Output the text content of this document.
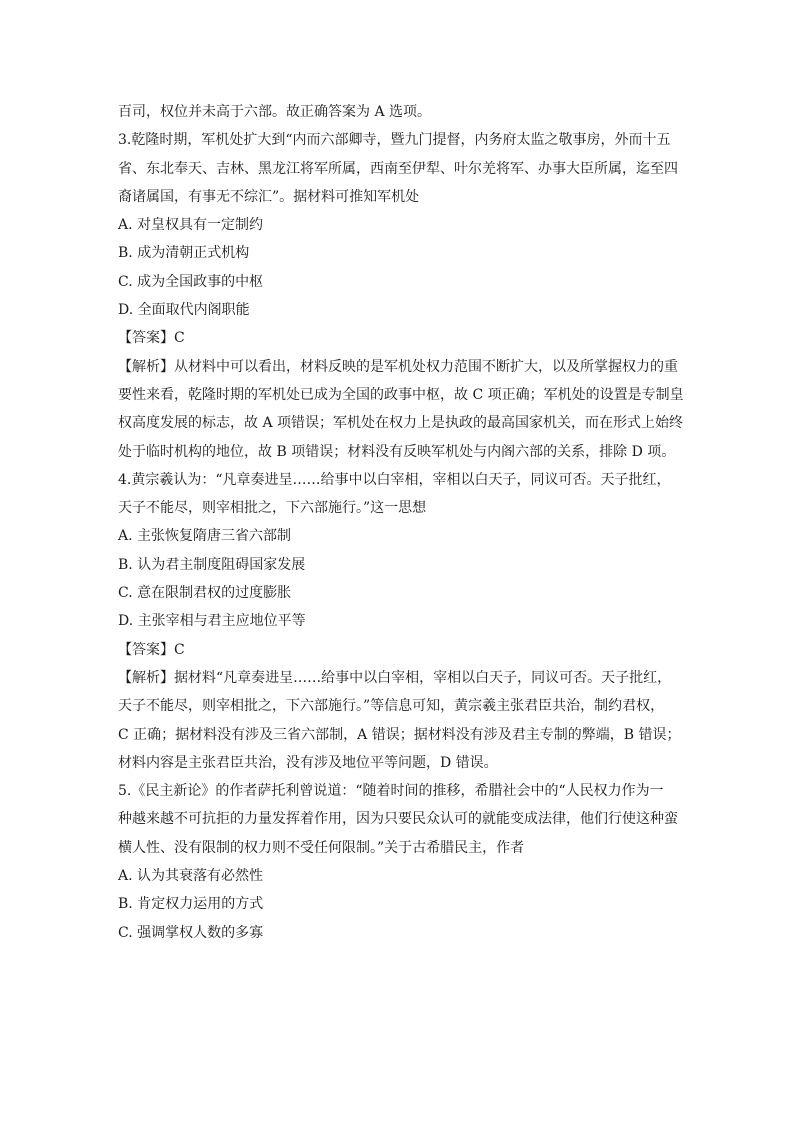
百司，权位并未高于六部。故正确答案为 A 选项。
3.乾隆时期，军机处扩大到“内而六部卿寺，暨九门提督，内务府太监之敬事房，外而十五
省、东北奉天、吉林、黑龙江将军所属，西南至伊犁、叶尔羌将军、办事大臣所属，迄至四
裔诸属国，有事无不综汇”。据材料可推知军机处
A. 对皇权具有一定制约
B. 成为清朝正式机构
C. 成为全国政事的中枢
D. 全面取代内阁职能
【答案】C
【解析】从材料中可以看出，材料反映的是军机处权力范围不断扩大，以及所掌握权力的重
要性来看，乾隆时期的军机处已成为全国的政事中枢，故 C 项正确；军机处的设置是专制皇
权高度发展的标志，故 A 项错误；军机处在权力上是执政的最高国家机关，而在形式上始终
处于临时机构的地位，故 B 项错误；材料没有反映军机处与内阁六部的关系，排除 D 项。
4.黄宗羲认为：“凡章奏进呈……给事中以白宰相，宰相以白天子，同议可否。天子批红，
天子不能尽，则宰相批之，下六部施行。”这一思想
A. 主张恢复隋唐三省六部制
B. 认为君主制度阻碍国家发展
C. 意在限制君权的过度膨胀
D. 主张宰相与君主应地位平等
【答案】C
【解析】据材料“凡章奏进呈……给事中以白宰相，宰相以白天子，同议可否。天子批红，
天子不能尽，则宰相批之，下六部施行。”等信息可知，黄宗羲主张君臣共治，制约君权，
C 正确；据材料没有涉及三省六部制，A 错误；据材料没有涉及君主专制的弊端，B 错误；
材料内容是主张君臣共治，没有涉及地位平等问题，D 错误。
5.《民主新论》的作者萨托利曾说道：“随着时间的推移，希腊社会中的“人民权力作为一
种越来越不可抗拒的力量发挥着作用，因为只要民众认可的就能变成法律，他们行使这种蛮
横人性、没有限制的权力则不受任何限制。”关于古希腊民主，作者
A. 认为其衰落有必然性
B. 肯定权力运用的方式
C. 强调掌权人数的多寡
